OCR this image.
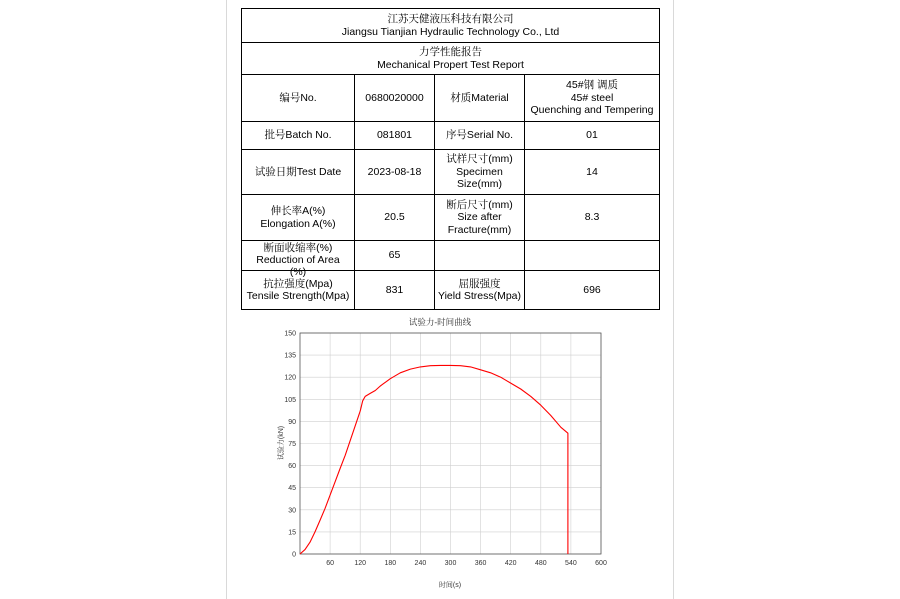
江苏天健液压科技有限公司
Jiangsu Tianjian Hydraulic Technology Co., Ltd			

力学性能报告
Mechanical Propert Test Report			

编号No.	0680020000	材质Material	45#钢 调质
45# steel
Quenching and Tempering

批号Batch No.	081801	序号Serial No.	01
试验日期Test Date	2023-08-18	试样尺寸(mm)
Specimen
Size(mm)	14

伸长率A(%)
Elongation A(%)	20.5	断后尺寸(mm)
Size after
Fracture(mm)	8.3

断面收缩率(%)
Reduction of Area
(%)	65		

抗拉强度(Mpa)
Tensile Strength(Mpa)	831	屈服强度
Yield Stress(Mpa)	696
试验力-时间曲线
0
15
30
45
60
75
90
105
120
135
150
60	120	180	240	300	360	420	480	540	600
时间(s)
试验力(kN)
